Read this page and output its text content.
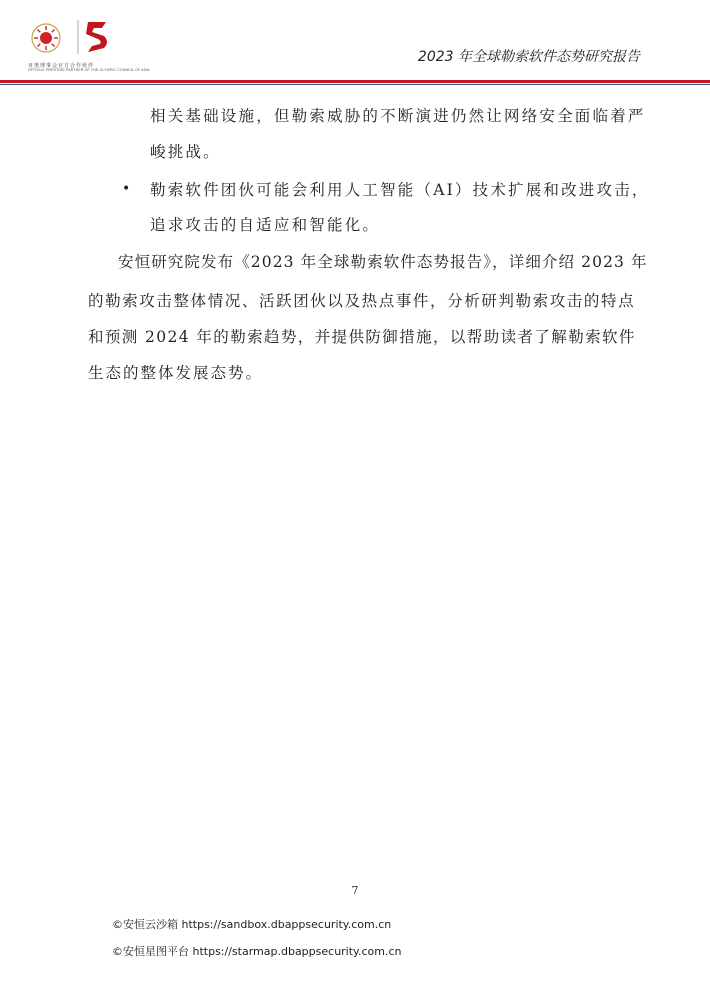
亚奥理事会官方合作伙伴
OFFICIAL PRESTIGE PARTNER OF THE OLYMPIC COUNCIL OF ASIA
2023 年全球勒索软件态势研究报告
相关基础设施，但勒索威胁的不断演进仍然让网络安全面临着严
峻挑战。
• 勒索软件团伙可能会利用人工智能（AI）技术扩展和改进攻击，
追求攻击的自适应和智能化。
安恒研究院发布《2023 年全球勒索软件态势报告》，详细介绍 2023 年
的勒索攻击整体情况、活跃团伙以及热点事件，分析研判勒索攻击的特点
和预测 2024 年的勒索趋势，并提供防御措施，以帮助读者了解勒索软件
生态的整体发展态势。
7
©安恒云沙箱 https://sandbox.dbappsecurity.com.cn
©安恒星图平台 https://starmap.dbappsecurity.com.cn
